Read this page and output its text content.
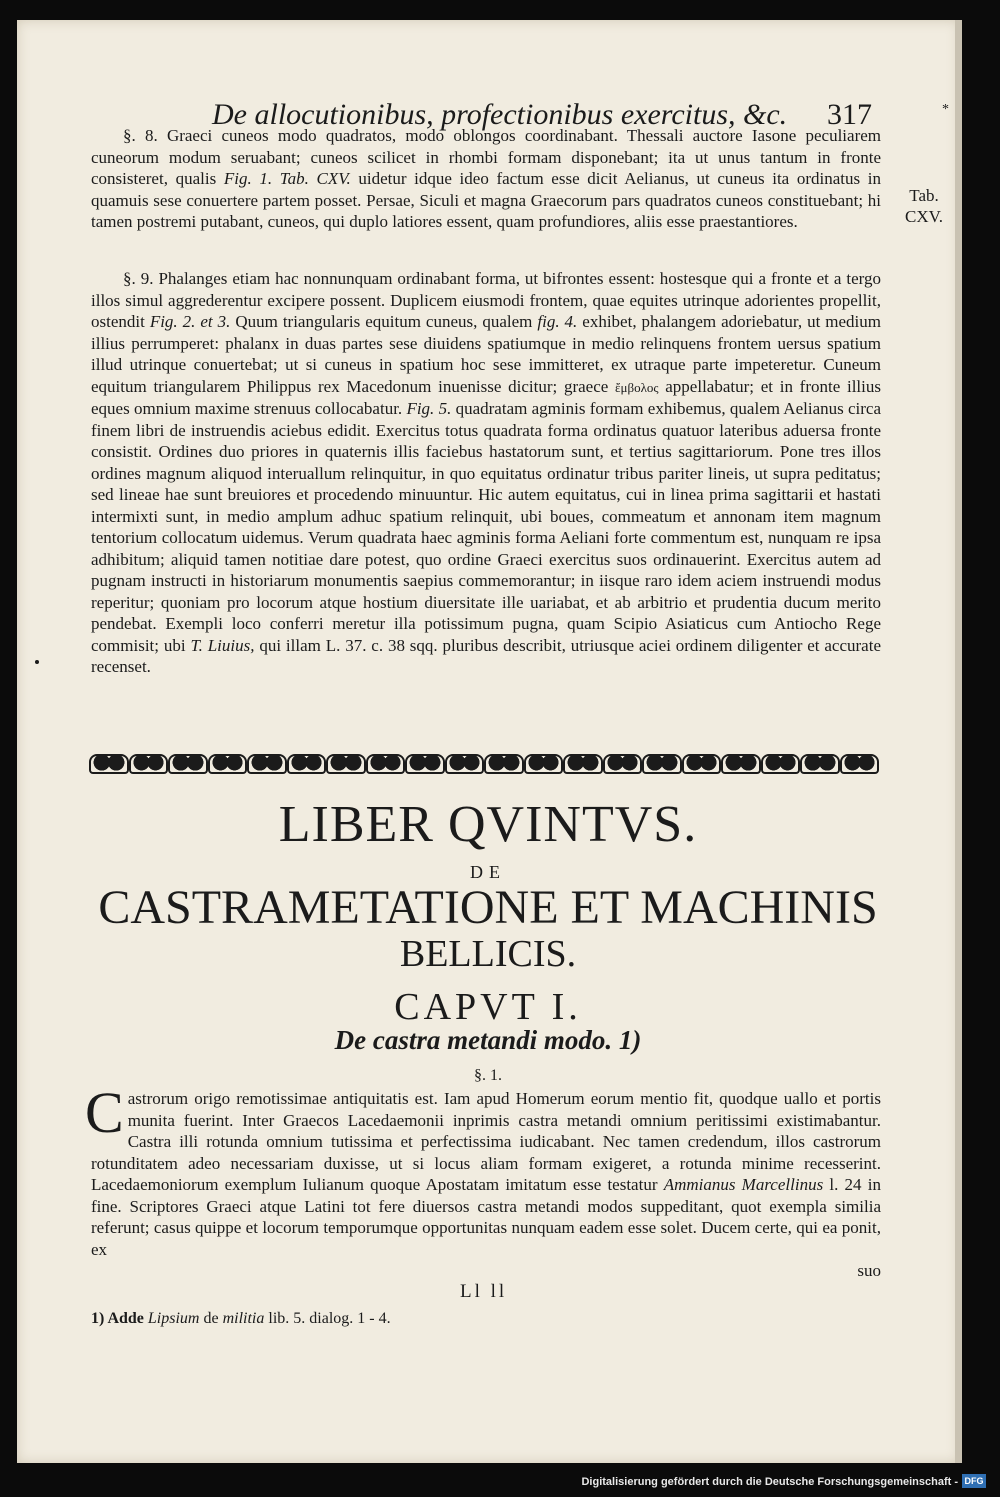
De allocutionibus, profectionibus exercitus, &c. 317	*
Tab.
CXV.
§. 8. Graeci cuneos modo quadratos, modo oblongos coordinabant. Thessali auctore Iasone peculiarem cuneorum modum seruabant; cuneos scilicet in rhombi formam disponebant; ita ut unus tantum in fronte consisteret, qualis Fig. 1. Tab. CXV. uidetur idque ideo factum esse dicit Aelianus, ut cuneus ita ordinatus in quamuis sese conuertere partem posset. Persae, Siculi et magna Graecorum pars quadratos cuneos constituebant; hi tamen postremi putabant, cuneos, qui duplo latiores essent, quam profundiores, aliis esse praestantiores.
§. 9. Phalanges etiam hac nonnunquam ordinabant forma, ut bifrontes essent: hostesque qui a fronte et a tergo illos simul aggrederentur excipere possent. Duplicem eiusmodi frontem, quae equites utrinque adorientes propellit, ostendit Fig. 2. et 3. Quum triangularis equitum cuneus, qualem fig. 4. exhibet, phalangem adoriebatur, ut medium illius perrumperet: phalanx in duas partes sese diuidens spatiumque in medio relinquens frontem uersus spatium illud utrinque conuertebat; ut si cuneus in spatium hoc sese immitteret, ex utraque parte impeteretur. Cuneum equitum triangularem Philippus rex Macedonum inuenisse dicitur; graece ἔμβολος appellabatur; et in fronte illius eques omnium maxime strenuus collocabatur. Fig. 5. quadratam agminis formam exhibemus, qualem Aelianus circa finem libri de instruendis aciebus edidit. Exercitus totus quadrata forma ordinatus quatuor lateribus aduersa fronte consistit. Ordines duo priores in quaternis illis faciebus hastatorum sunt, et tertius sagittariorum. Pone tres illos ordines magnum aliquod interuallum relinquitur, in quo equitatus ordinatur tribus pariter lineis, ut supra peditatus; sed lineae hae sunt breuiores et procedendo minuuntur. Hic autem equitatus, cui in linea prima sagittarii et hastati intermixti sunt, in medio amplum adhuc spatium relinquit, ubi boues, commeatum et annonam item magnum tentorium collocatum uidemus. Verum quadrata haec agminis forma Aeliani forte commentum est, nunquam re ipsa adhibitum; aliquid tamen notitiae dare potest, quo ordine Graeci exercitus suos ordinauerint. Exercitus autem ad pugnam instructi in historiarum monumentis saepius commemorantur; in iisque raro idem aciem instruendi modus reperitur; quoniam pro locorum atque hostium diuersitate ille uariabat, et ab arbitrio et prudentia ducum merito pendebat. Exempli loco conferri meretur illa potissimum pugna, quam Scipio Asiaticus cum Antiocho Rege commisit; ubi T. Liuius, qui illam L. 37. c. 38 sqq. pluribus describit, utriusque aciei ordinem diligenter et accurate recenset.
LIBER QVINTVS.
DE
CASTRAMETATIONE ET MACHINIS
BELLICIS.
CAPVT I.
De castra metandi modo. 1)
§. 1.
Castrorum origo remotissimae antiquitatis est. Iam apud Homerum eorum mentio fit, quodque uallo et portis munita fuerint. Inter Graecos Lacedaemonii inprimis castra metandi omnium peritissimi existimabantur. Castra illi rotunda omnium tutissima et perfectissima iudicabant. Nec tamen credendum, illos castrorum rotunditatem adeo necessariam duxisse, ut si locus aliam formam exigeret, a rotunda minime recesserint. Lacedaemoniorum exemplum Iulianum quoque Apostatam imitatum esse testatur Ammianus Marcellinus l. 24 in fine. Scriptores Graeci atque Latini tot fere diuersos castra metandi modos suppeditant, quot exempla similia referunt; casus quippe et locorum temporumque opportunitas nunquam eadem esse solet. Ducem certe, qui ea ponit, ex
suo
1) Adde Lipsium de militia lib. 5. dialog. 1 - 4.
Ll ll
Digitalisierung gefördert durch die Deutsche Forschungsgemeinschaft - DFG
